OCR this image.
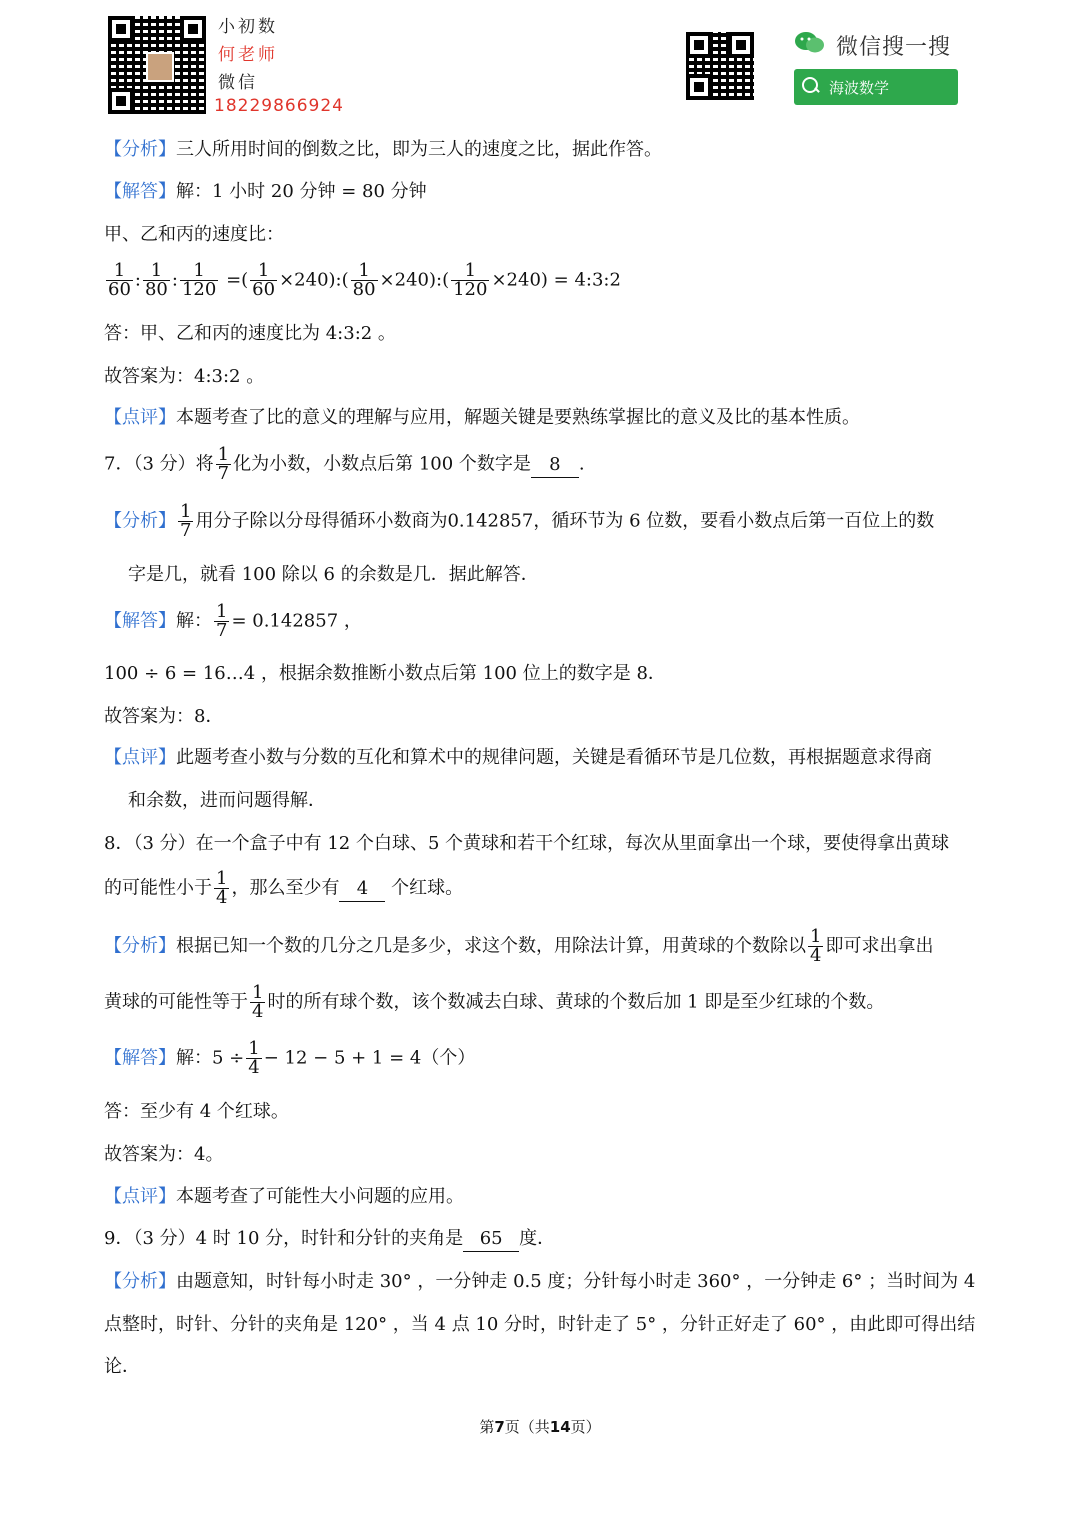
小初数
何老师
微信
18229866924
微信搜一搜
海波数学
【分析】三人所用时间的倒数之比，即为三人的速度之比，据此作答。
【解答】解：1 小时 20 分钟 = 80 分钟
甲、乙和丙的速度比：
$\frac{1}{60}$ : $\frac{1}{80}$ : $\frac{1}{120}$ =( $\frac{1}{60}$ ×240):( $\frac{1}{80}$ ×240):( $\frac{1}{120} \times 240$) = 4:3:2
答：甲、乙和丙的速度比为 4:3:2 。
故答案为：4:3:2 。
【点评】本题考查了比的意义的理解与应用，解题关键是要熟练掌握比的意义及比的基本性质。
7．（3 分）将 $\frac{1}{7}$ 化为小数，小数点后第 100 个数字是 8 .
【分析】 $\frac{1}{7}$ 用分子除以分母得循环小数商为0.142857，循环节为 6 位数，要看小数点后第一百位上的数
字是几，就看 100 除以 6 的余数是几．据此解答．
【解答】解： $\frac{1}{7} = 0.142857$ ，
100 ÷ 6 = 16…4 ，根据余数推断小数点后第 100 位上的数字是 8．
故答案为：8．
【点评】此题考查小数与分数的互化和算术中的规律问题，关键是看循环节是几位数，再根据题意求得商
和余数，进而问题得解．
8．（3 分）在一个盒子中有 12 个白球、5 个黄球和若干个红球，每次从里面拿出一个球，要使得拿出黄球
的可能性小于 $\frac{1}{4}$ ，那么至少有 4 个红球。
【分析】根据已知一个数的几分之几是多少，求这个数，用除法计算，用黄球的个数除以 $\frac{1}{4}$ 即可求出拿出
黄球的可能性等于 $\frac{1}{4}$ 时的所有球个数，该个数减去白球、黄球的个数后加 1 即是至少红球的个数。
【解答】解：$5 \div \frac{1}{4} - 12 - 5 + 1 = 4$（个）
答：至少有 4 个红球。
故答案为：4。
【点评】本题考查了可能性大小问题的应用。
9．（3 分）4 时 10 分，时针和分针的夹角是 65 度．
【分析】由题意知，时针每小时走 30° ，一分钟走 0.5 度；分针每小时走 360° ，一分钟走 6° ；当时间为 4
点整时，时针、分针的夹角是 120° ，当 4 点 10 分时，时针走了 5° ，分针正好走了 60° ，由此即可得出结
论．
第7页（共14页）
